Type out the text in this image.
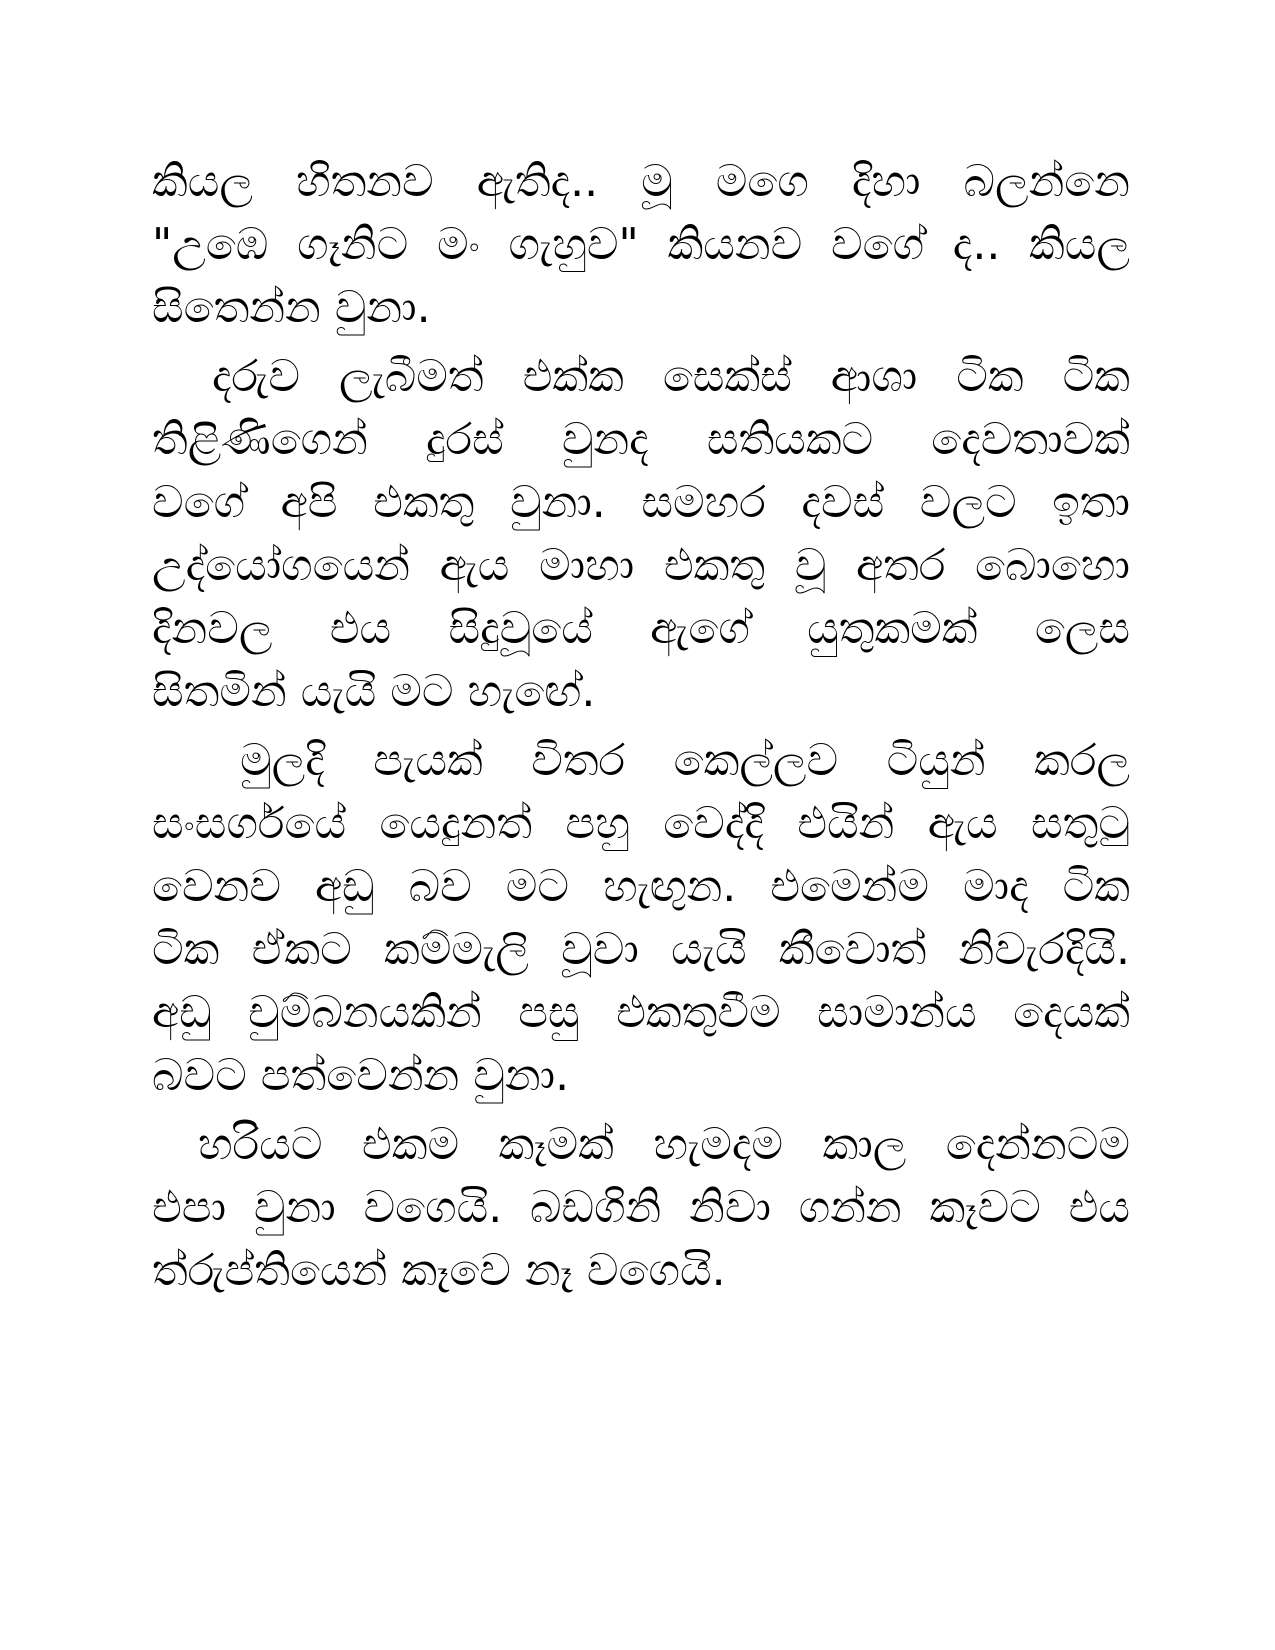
කියල හිතනව ඇතිද.. මූ මගෙ දිහා බලන්නෙ
"උඹෙ ගෑනිට මං ගැහුව" කියනව වගේ ද.. කියල
සිතෙන්න වුනා.

දරුව ලැබීමත් එක්ක සෙක්ස් ආශා ටික ටික
තිළිණිගෙන් දුරස් වුනද සතියකට දෙවතාවක්
වගේ අපි එකතු වුනා. සමහර දවස් වලට ඉතා
උද්යෝගයෙන් ඇය මාහා එකතු වූ අතර බොහො
දිනවල එය සිදුවූයේ ඇගේ යුතුකමක් ලෙස
සිතමින් යැයි මට හැඟේ.

මුලදි පැයක් විතර කෙල්ලව ටියුන් කරල
සංසර්ගයේ යෙදුනත් පහු වෙද්දි එයින් ඇය සතුටු
වෙනව අඩු බව මට හැඟුන. එමෙන්ම මාද ටික
ටික ඒකට කම්මැලි වූවා යැයි කීවොත් නිවැරදියි.
අඩු චුම්බනයකින් පසු එකතුවීම සාමාන්ය දෙයක්
බවට පත්වෙන්න වුනා.

හරියට එකම කෑමක් හැමදම කාල දෙන්නටම
එපා වුනා වගෙයි. බඩගිනි නිවා ගන්න කෑවට එය
ත්රුප්තියෙන් කෑවෙ නෑ වගෙයි.
